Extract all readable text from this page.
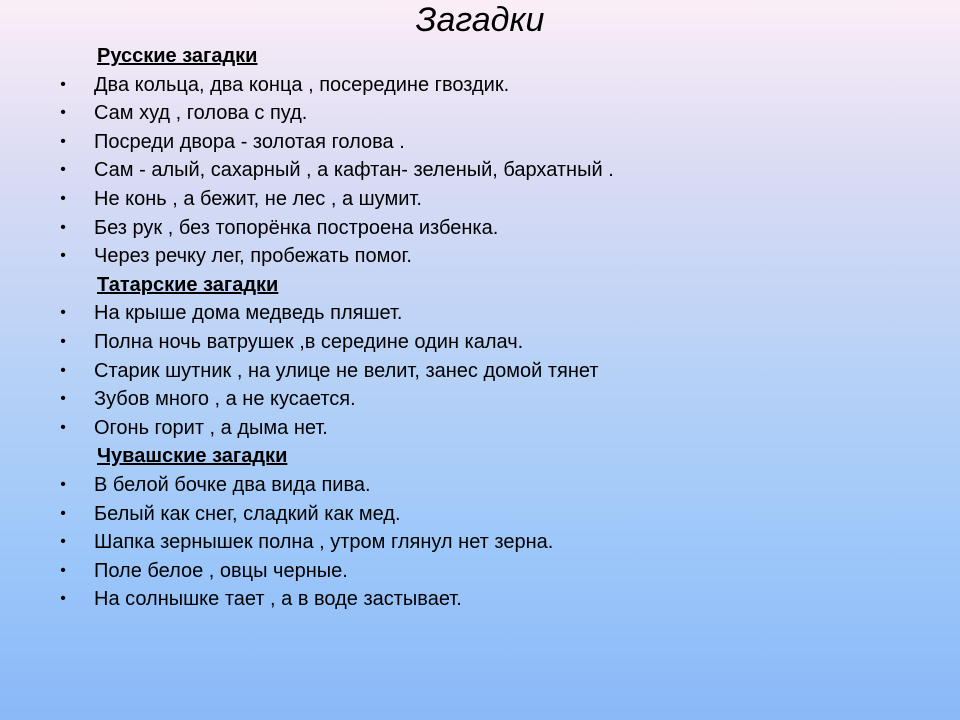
Загадки
Русские загадки
• Два кольца, два конца , посередине гвоздик.
• Сам худ , голова с пуд.
• Посреди двора - золотая голова .
• Сам - алый, сахарный , а кафтан- зеленый, бархатный .
• Не конь , а бежит, не лес , а шумит.
• Без рук , без топорёнка построена избенка.
• Через речку лег, пробежать помог.
Татарские загадки
• На крыше дома медведь пляшет.
• Полна ночь ватрушек ,в середине один калач.
• Старик шутник , на улице не велит, занес домой тянет
• Зубов много , а не кусается.
• Огонь горит , а дыма нет.
Чувашские загадки
• В белой бочке два вида пива.
• Белый как снег, сладкий как мед.
• Шапка зернышек полна , утром глянул нет зерна.
• Поле белое , овцы черные.
• На солнышке тает , а в воде застывает.
